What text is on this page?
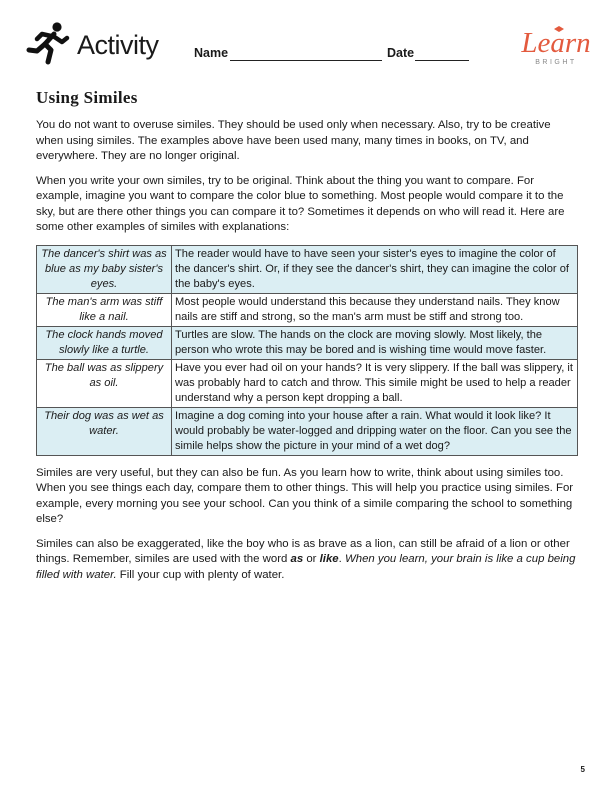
Activity	Name	Date	Learn
BRIGHT
Using Similes

You do not want to overuse similes. They should be used only when necessary. Also, try to be creative when using similes. The examples above have been used many, many times in books, on TV, and everywhere. They are no longer original.

When you write your own similes, try to be original. Think about the thing you want to compare. For example, imagine you want to compare the color blue to something. Most people would compare it to the sky, but are there other things you can compare it to? Sometimes it depends on who will read it. Here are some other examples of similes with explanations:

The dancer's shirt was as blue as my baby sister's eyes.	The reader would have to have seen your sister's eyes to imagine the color of the dancer's shirt. Or, if they see the dancer's shirt, they can imagine the color of the baby's eyes.
The man's arm was stiff like a nail.	Most people would understand this because they understand nails. They know nails are stiff and strong, so the man's arm must be stiff and strong too.
The clock hands moved slowly like a turtle.	Turtles are slow. The hands on the clock are moving slowly. Most likely, the person who wrote this may be bored and is wishing time would move faster.
The ball was as slippery as oil.	Have you ever had oil on your hands? It is very slippery. If the ball was slippery, it was probably hard to catch and throw. This simile might be used to help a reader understand why a person kept dropping a ball.
Their dog was as wet as water.	Imagine a dog coming into your house after a rain. What would it look like? It would probably be water-logged and dripping water on the floor. Can you see the simile helps show the picture in your mind of a wet dog?

Similes are very useful, but they can also be fun. As you learn how to write, think about using similes too. When you see things each day, compare them to other things. This will help you practice using similes. For example, every morning you see your school. Can you think of a simile comparing the school to something else?

Similes can also be exaggerated, like the boy who is as brave as a lion, can still be afraid of a lion or other things. Remember, similes are used with the word as or like. When you learn, your brain is like a cup being filled with water. Fill your cup with plenty of water.

5
